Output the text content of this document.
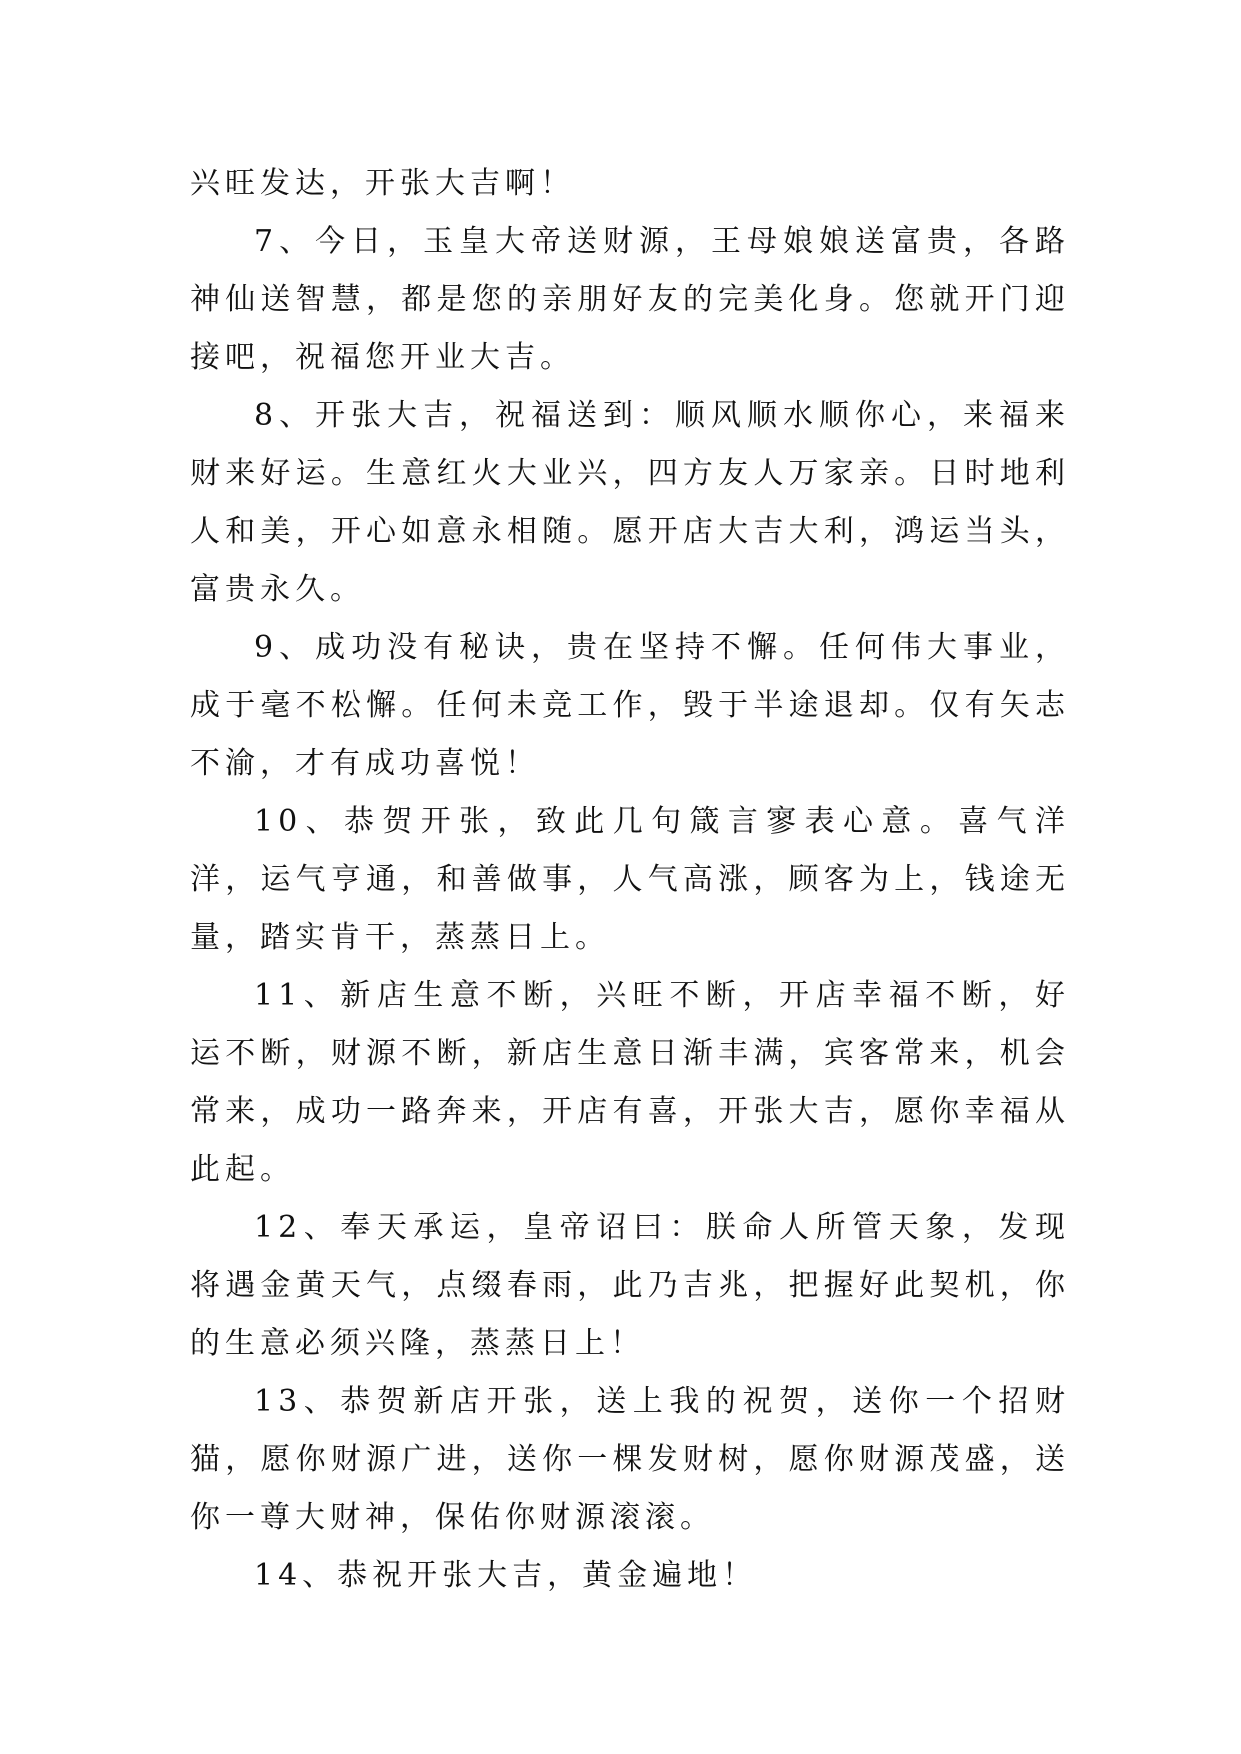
兴旺发达，开张大吉啊！

7、今日，玉皇大帝送财源，王母娘娘送富贵，各路神仙送智慧，都是您的亲朋好友的完美化身。您就开门迎接吧，祝福您开业大吉。

8、开张大吉，祝福送到：顺风顺水顺你心，来福来财来好运。生意红火大业兴，四方友人万家亲。日时地利人和美，开心如意永相随。愿开店大吉大利，鸿运当头，富贵永久。

9、成功没有秘诀，贵在坚持不懈。任何伟大事业，成于毫不松懈。任何未竞工作，毁于半途退却。仅有矢志不渝，才有成功喜悦！

10、恭贺开张，致此几句箴言寥表心意。喜气洋洋，运气亨通，和善做事，人气高涨，顾客为上，钱途无量，踏实肯干，蒸蒸日上。

11、新店生意不断，兴旺不断，开店幸福不断，好运不断，财源不断，新店生意日渐丰满，宾客常来，机会常来，成功一路奔来，开店有喜，开张大吉，愿你幸福从此起。

12、奉天承运，皇帝诏曰：朕命人所管天象，发现将遇金黄天气，点缀春雨，此乃吉兆，把握好此契机，你的生意必须兴隆，蒸蒸日上！

13、恭贺新店开张，送上我的祝贺，送你一个招财猫，愿你财源广进，送你一棵发财树，愿你财源茂盛，送你一尊大财神，保佑你财源滚滚。

14、恭祝开张大吉，黄金遍地！
